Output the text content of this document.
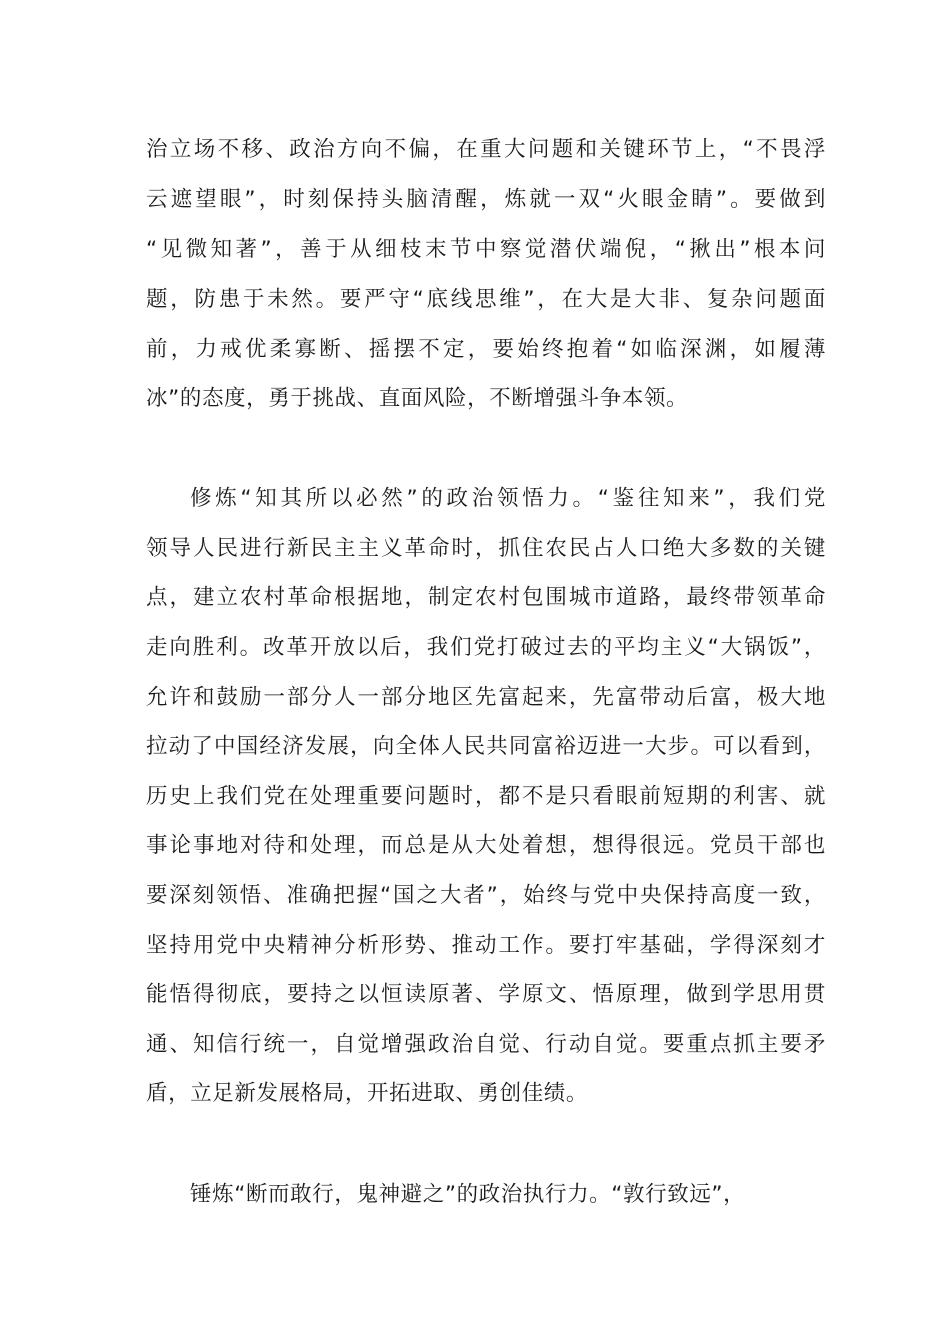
治立场不移、政治方向不偏，在重大问题和关键环节上，“不畏浮
云遮望眼”，时刻保持头脑清醒，炼就一双“火眼金睛”。要做到
“见微知著”，善于从细枝末节中察觉潜伏端倪，“揪出”根本问
题，防患于未然。要严守“底线思维”，在大是大非、复杂问题面
前，力戒优柔寡断、摇摆不定，要始终抱着“如临深渊，如履薄
冰”的态度，勇于挑战、直面风险，不断增强斗争本领。
修炼“知其所以必然”的政治领悟力。“鉴往知来”，我们党
领导人民进行新民主主义革命时，抓住农民占人口绝大多数的关键
点，建立农村革命根据地，制定农村包围城市道路，最终带领革命
走向胜利。改革开放以后，我们党打破过去的平均主义“大锅饭”，
允许和鼓励一部分人一部分地区先富起来，先富带动后富，极大地
拉动了中国经济发展，向全体人民共同富裕迈进一大步。可以看到，
历史上我们党在处理重要问题时，都不是只看眼前短期的利害、就
事论事地对待和处理，而总是从大处着想，想得很远。党员干部也
要深刻领悟、准确把握“国之大者”，始终与党中央保持高度一致，
坚持用党中央精神分析形势、推动工作。要打牢基础，学得深刻才
能悟得彻底，要持之以恒读原著、学原文、悟原理，做到学思用贯
通、知信行统一，自觉增强政治自觉、行动自觉。要重点抓主要矛
盾，立足新发展格局，开拓进取、勇创佳绩。
锤炼“断而敢行，鬼神避之”的政治执行力。“敦行致远”，
